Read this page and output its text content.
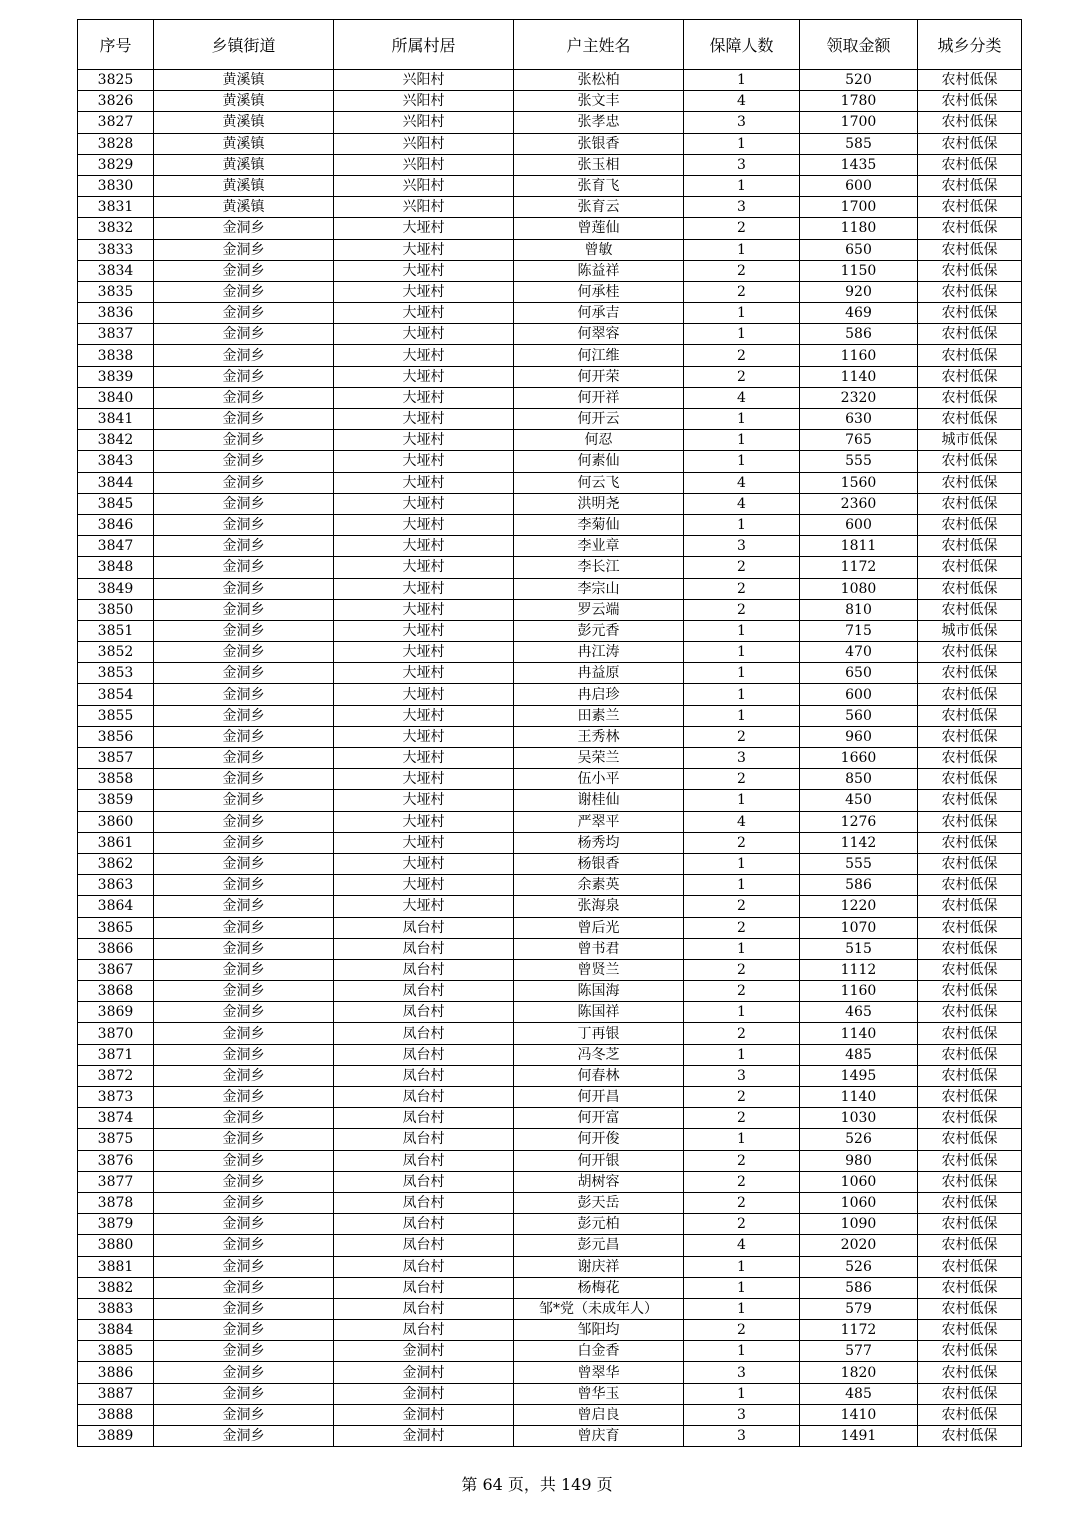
序号	乡镇街道	所属村居	户主姓名	保障人数	领取金额	城乡分类
3825	黄溪镇	兴阳村	张松柏	1	520	农村低保
3826	黄溪镇	兴阳村	张文丰	4	1780	农村低保
3827	黄溪镇	兴阳村	张孝忠	3	1700	农村低保
3828	黄溪镇	兴阳村	张银香	1	585	农村低保
3829	黄溪镇	兴阳村	张玉相	3	1435	农村低保
3830	黄溪镇	兴阳村	张育飞	1	600	农村低保
3831	黄溪镇	兴阳村	张育云	3	1700	农村低保
3832	金洞乡	大垭村	曾莲仙	2	1180	农村低保
3833	金洞乡	大垭村	曾敏	1	650	农村低保
3834	金洞乡	大垭村	陈益祥	2	1150	农村低保
3835	金洞乡	大垭村	何承桂	2	920	农村低保
3836	金洞乡	大垭村	何承吉	1	469	农村低保
3837	金洞乡	大垭村	何翠容	1	586	农村低保
3838	金洞乡	大垭村	何江维	2	1160	农村低保
3839	金洞乡	大垭村	何开荣	2	1140	农村低保
3840	金洞乡	大垭村	何开祥	4	2320	农村低保
3841	金洞乡	大垭村	何开云	1	630	农村低保
3842	金洞乡	大垭村	何忍	1	765	城市低保
3843	金洞乡	大垭村	何素仙	1	555	农村低保
3844	金洞乡	大垭村	何云飞	4	1560	农村低保
3845	金洞乡	大垭村	洪明尧	4	2360	农村低保
3846	金洞乡	大垭村	李菊仙	1	600	农村低保
3847	金洞乡	大垭村	李业章	3	1811	农村低保
3848	金洞乡	大垭村	李长江	2	1172	农村低保
3849	金洞乡	大垭村	李宗山	2	1080	农村低保
3850	金洞乡	大垭村	罗云端	2	810	农村低保
3851	金洞乡	大垭村	彭元香	1	715	城市低保
3852	金洞乡	大垭村	冉江涛	1	470	农村低保
3853	金洞乡	大垭村	冉益原	1	650	农村低保
3854	金洞乡	大垭村	冉启珍	1	600	农村低保
3855	金洞乡	大垭村	田素兰	1	560	农村低保
3856	金洞乡	大垭村	王秀林	2	960	农村低保
3857	金洞乡	大垭村	吴荣兰	3	1660	农村低保
3858	金洞乡	大垭村	伍小平	2	850	农村低保
3859	金洞乡	大垭村	谢桂仙	1	450	农村低保
3860	金洞乡	大垭村	严翠平	4	1276	农村低保
3861	金洞乡	大垭村	杨秀均	2	1142	农村低保
3862	金洞乡	大垭村	杨银香	1	555	农村低保
3863	金洞乡	大垭村	余素英	1	586	农村低保
3864	金洞乡	大垭村	张海泉	2	1220	农村低保
3865	金洞乡	凤台村	曾后光	2	1070	农村低保
3866	金洞乡	凤台村	曾书君	1	515	农村低保
3867	金洞乡	凤台村	曾贤兰	2	1112	农村低保
3868	金洞乡	凤台村	陈国海	2	1160	农村低保
3869	金洞乡	凤台村	陈国祥	1	465	农村低保
3870	金洞乡	凤台村	丁再银	2	1140	农村低保
3871	金洞乡	凤台村	冯冬芝	1	485	农村低保
3872	金洞乡	凤台村	何春林	3	1495	农村低保
3873	金洞乡	凤台村	何开昌	2	1140	农村低保
3874	金洞乡	凤台村	何开富	2	1030	农村低保
3875	金洞乡	凤台村	何开俊	1	526	农村低保
3876	金洞乡	凤台村	何开银	2	980	农村低保
3877	金洞乡	凤台村	胡树容	2	1060	农村低保
3878	金洞乡	凤台村	彭天岳	2	1060	农村低保
3879	金洞乡	凤台村	彭元柏	2	1090	农村低保
3880	金洞乡	凤台村	彭元昌	4	2020	农村低保
3881	金洞乡	凤台村	谢庆祥	1	526	农村低保
3882	金洞乡	凤台村	杨梅花	1	586	农村低保
3883	金洞乡	凤台村	邹*党（未成年人）	1	579	农村低保
3884	金洞乡	凤台村	邹阳均	2	1172	农村低保
3885	金洞乡	金洞村	白金香	1	577	农村低保
3886	金洞乡	金洞村	曾翠华	3	1820	农村低保
3887	金洞乡	金洞村	曾华玉	1	485	农村低保
3888	金洞乡	金洞村	曾启良	3	1410	农村低保
3889	金洞乡	金洞村	曾庆育	3	1491	农村低保
第 64 页，共 149 页
